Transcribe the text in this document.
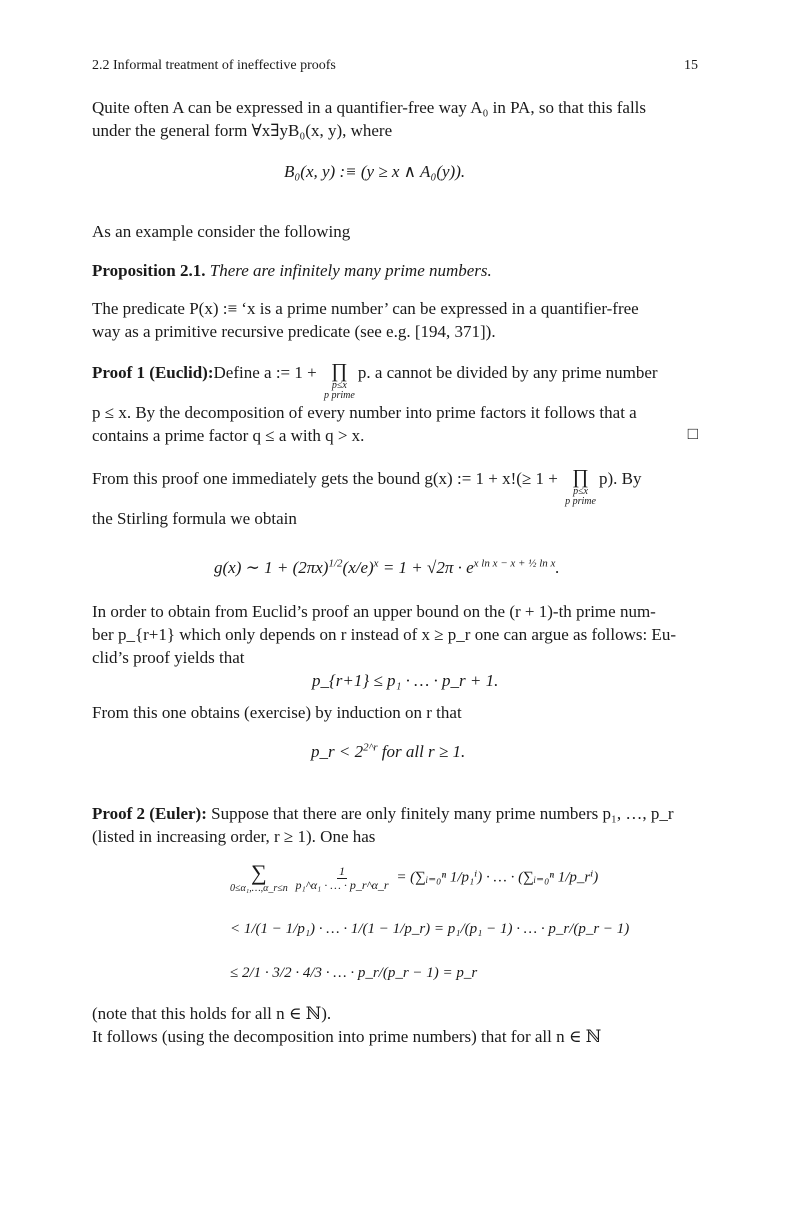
2.2 Informal treatment of ineffective proofs	15
Quite often A can be expressed in a quantifier-free way A₀ in PA, so that this falls
under the general form ∀x∃yB₀(x, y), where
B₀(x, y) :≡ (y ≥ x ∧ A₀(y)).
As an example consider the following
Proposition 2.1. There are infinitely many prime numbers.
The predicate P(x) :≡ ‘x is a prime number’ can be expressed in a quantifier-free
way as a primitive recursive predicate (see e.g. [194, 371]).
Proof 1 (Euclid): Define a := 1 + ∏
p≤x
p prime
p. a cannot be divided by any prime number
p ≤ x. By the decomposition of every number into prime factors it follows that a
contains a prime factor q ≤ a with q > x.	□
From this proof one immediately gets the bound g(x) := 1 + x!(≥ 1 + ∏
p≤x
p prime
p). By
the Stirling formula we obtain
g(x) ∼ $1 + (2\pi x)^{1/2}(x/e)^x = 1 + √2\pi \cdot e^{x ln x - x + \frac{1}{2} ln x}$.
In order to obtain from Euclid’s proof an upper bound on the (r + 1)-th prime num-
ber p_{r+1} which only depends on r instead of x ≥ p_r one can argue as follows: Eu-
clid’s proof yields that
p_{r+1} ≤ p₁ · … · p_r + 1.
From this one obtains (exercise) by induction on r that
p_r < $2^{2\^{}r}$ for all r ≥ 1.
Proof 2 (Euler): Suppose that there are only finitely many prime numbers p₁, …, p_r
(listed in increasing order, r ≥ 1). One has
∑
0≤α₁,…,α_r≤n
$\frac{1}{\text{p₁\textasciicircum{}α₁ · … · p\_r\textasciicircum{}α\_r}}$ = (∑ᵢ₌₀ⁿ 1/p₁ⁱ) · … · (∑ᵢ₌₀ⁿ 1/p_rⁱ)
< 1/(1 − 1/p₁) · … · 1/(1 − 1/p_r) = p₁/(p₁ − 1) · … · p_r/(p_r − 1)
≤ 2/1 · 3/2 · 4/3 · … · p_r/(p_r − 1) = p_r
(note that this holds for all n ∈ ℕ).
It follows (using the decomposition into prime numbers) that for all n ∈ ℕ
